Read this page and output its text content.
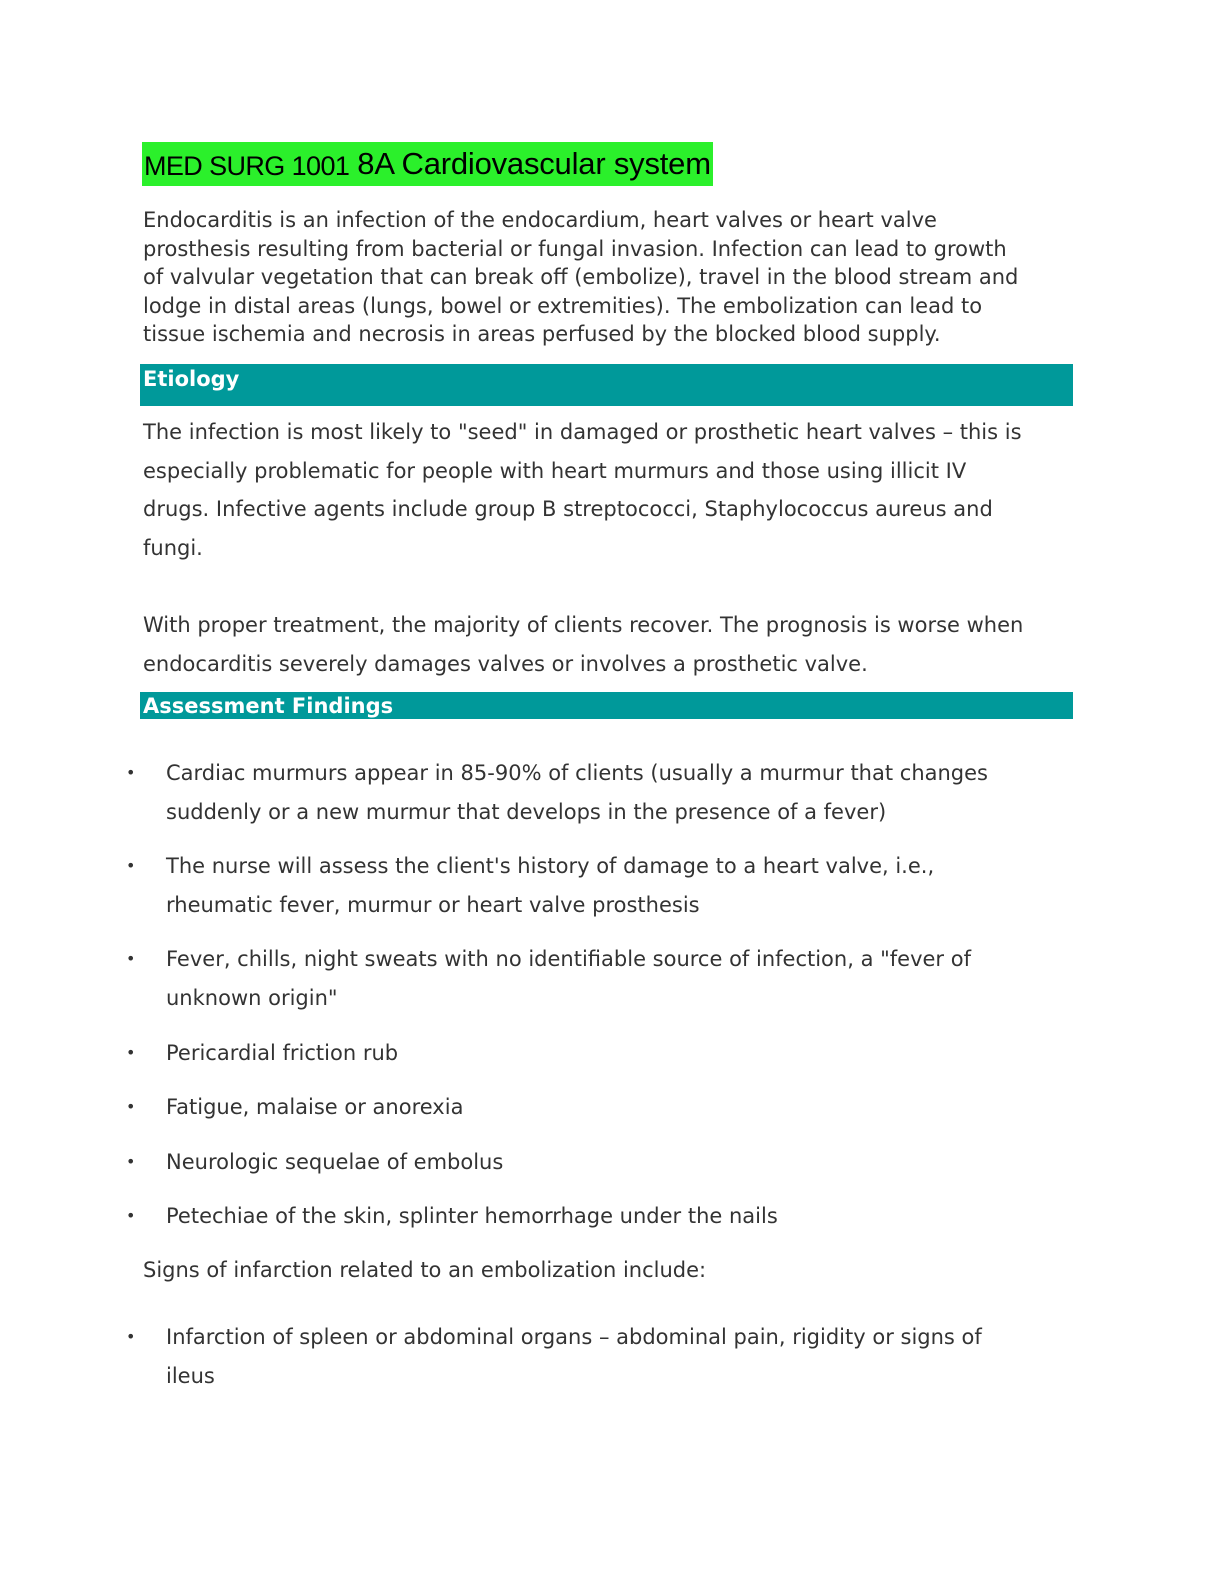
MED SURG 1001 8A Cardiovascular system

Endocarditis is an infection of the endocardium, heart valves or heart valve
prosthesis resulting from bacterial or fungal invasion. Infection can lead to growth
of valvular vegetation that can break off (embolize), travel in the blood stream and
lodge in distal areas (lungs, bowel or extremities). The embolization can lead to
tissue ischemia and necrosis in areas perfused by the blocked blood supply.

Etiology

The infection is most likely to "seed" in damaged or prosthetic heart valves – this is
especially problematic for people with heart murmurs and those using illicit IV
drugs. Infective agents include group B streptococci, Staphylococcus aureus and
fungi.

With proper treatment, the majority of clients recover. The prognosis is worse when
endocarditis severely damages valves or involves a prosthetic valve.

Assessment Findings
• Cardiac murmurs appear in 85-90% of clients (usually a murmur that changes
suddenly or a new murmur that develops in the presence of a fever)
• The nurse will assess the client's history of damage to a heart valve, i.e.,
rheumatic fever, murmur or heart valve prosthesis
• Fever, chills, night sweats with no identifiable source of infection, a "fever of
unknown origin"
• Pericardial friction rub
• Fatigue, malaise or anorexia
• Neurologic sequelae of embolus
• Petechiae of the skin, splinter hemorrhage under the nails

Signs of infarction related to an embolization include:

• Infarction of spleen or abdominal organs – abdominal pain, rigidity or signs of
ileus
